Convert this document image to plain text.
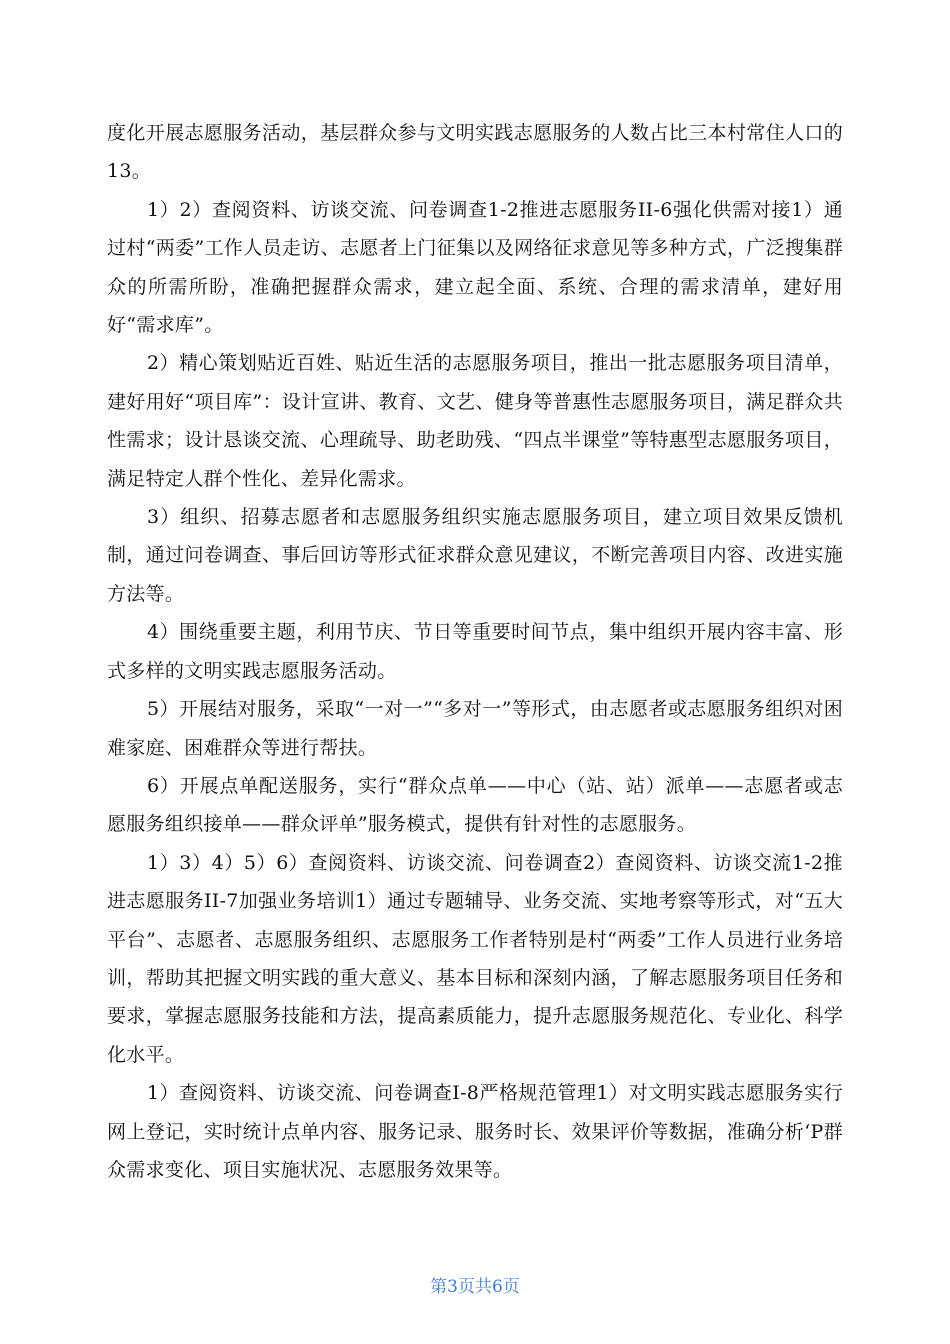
度化开展志愿服务活动，基层群众参与文明实践志愿服务的人数占比三本村常住人口的13。

1）2）查阅资料、访谈交流、问卷调查1-2推进志愿服务II-6强化供需对接1）通过村“两委”工作人员走访、志愿者上门征集以及网络征求意见等多种方式，广泛搜集群众的所需所盼，准确把握群众需求，建立起全面、系统、合理的需求清单，建好用好“需求库”。

2）精心策划贴近百姓、贴近生活的志愿服务项目，推出一批志愿服务项目清单，建好用好“项目库”：设计宣讲、教育、文艺、健身等普惠性志愿服务项目，满足群众共性需求；设计恳谈交流、心理疏导、助老助残、“四点半课堂”等特惠型志愿服务项目，满足特定人群个性化、差异化需求。

3）组织、招募志愿者和志愿服务组织实施志愿服务项目，建立项目效果反馈机制，通过问卷调查、事后回访等形式征求群众意见建议，不断完善项目内容、改进实施方法等。

4）围绕重要主题，利用节庆、节日等重要时间节点，集中组织开展内容丰富、形式多样的文明实践志愿服务活动。

5）开展结对服务，采取“一对一”“多对一”等形式，由志愿者或志愿服务组织对困难家庭、困难群众等进行帮扶。

6）开展点单配送服务，实行“群众点单——中心（站、站）派单——志愿者或志愿服务组织接单——群众评单”服务模式，提供有针对性的志愿服务。

1）3）4）5）6）查阅资料、访谈交流、问卷调查2）查阅资料、访谈交流1-2推进志愿服务II-7加强业务培训1）通过专题辅导、业务交流、实地考察等形式，对“五大平台”、志愿者、志愿服务组织、志愿服务工作者特别是村“两委”工作人员进行业务培训，帮助其把握文明实践的重大意义、基本目标和深刻内涵，了解志愿服务项目任务和要求，掌握志愿服务技能和方法，提高素质能力，提升志愿服务规范化、专业化、科学化水平。

1）查阅资料、访谈交流、问卷调查I-8严格规范管理1）对文明实践志愿服务实行网上登记，实时统计点单内容、服务记录、服务时长、效果评价等数据，准确分析‘P群众需求变化、项目实施状况、志愿服务效果等。

第3页共6页
